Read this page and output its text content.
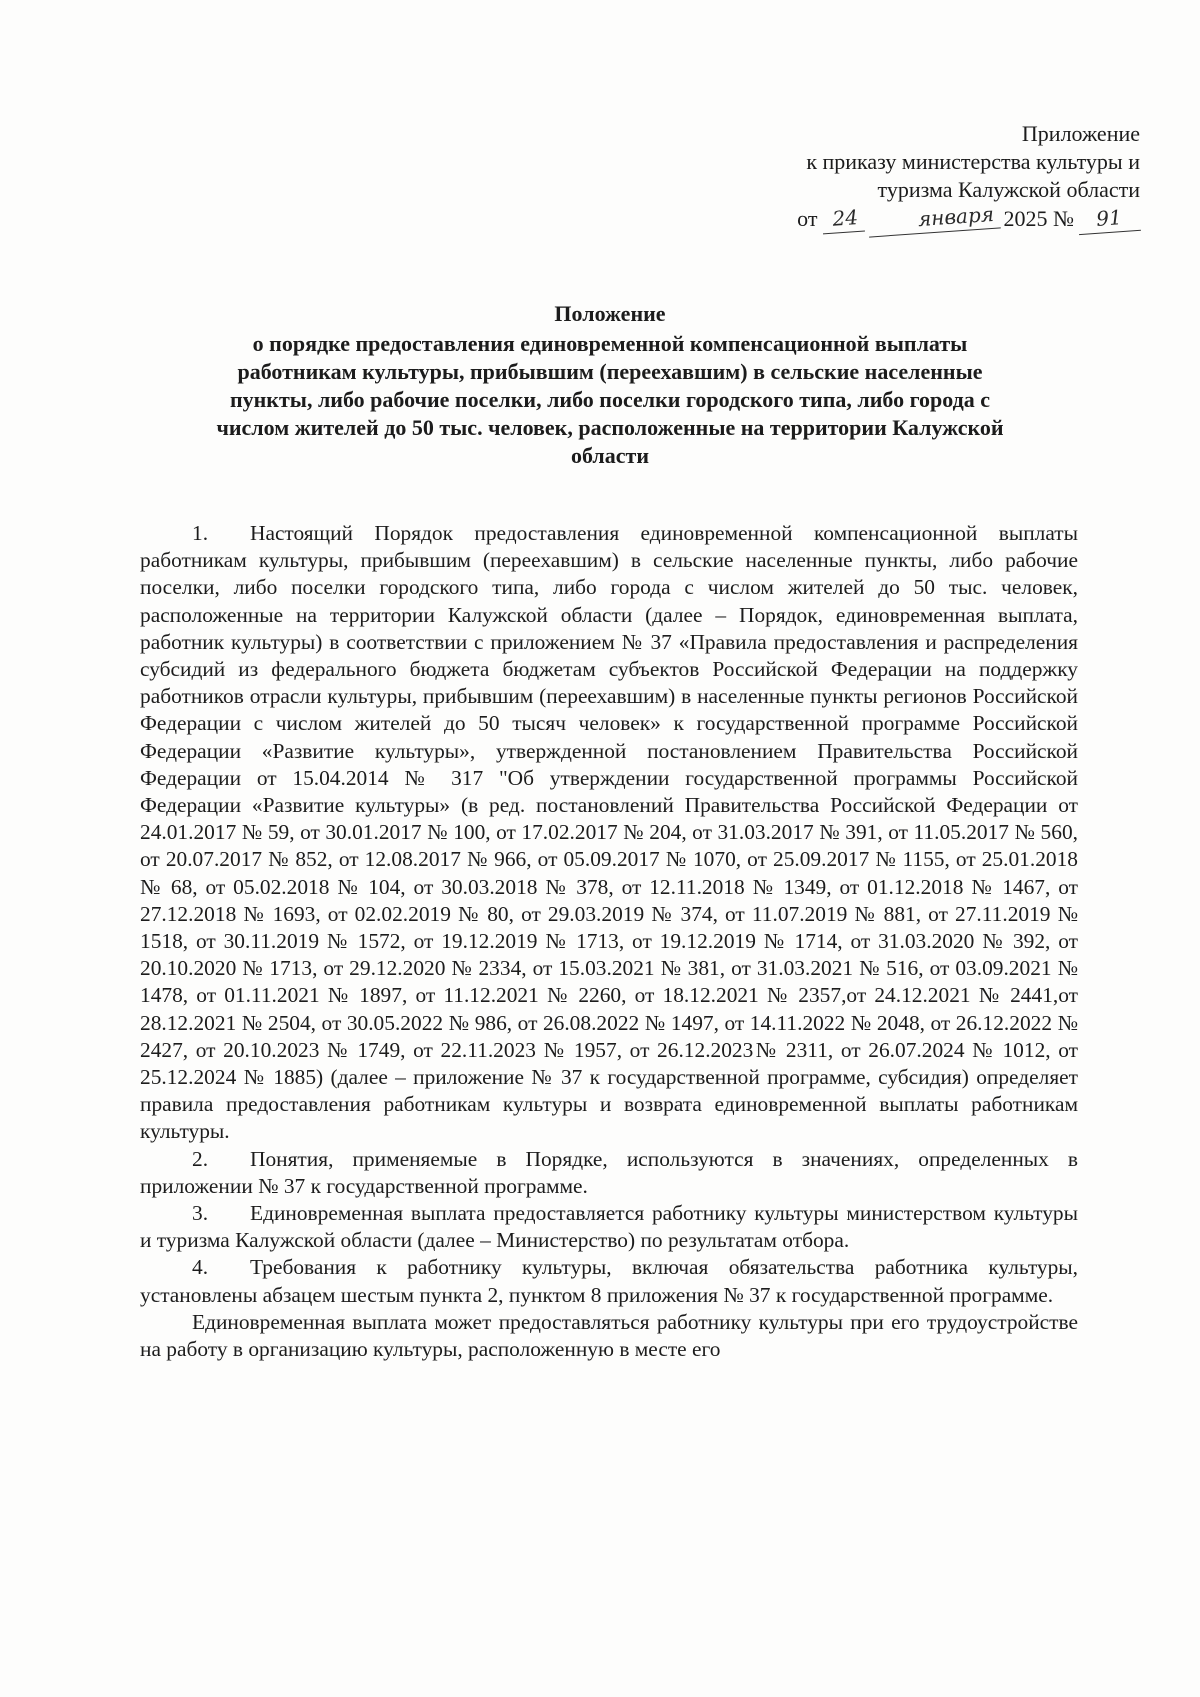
Приложение
к приказу министерства культуры и
туризма Калужской области
от 24	января 2025 №	91
Положение
о порядке предоставления единовременной компенсационной выплаты
работникам культуры, прибывшим (переехавшим) в сельские населенные
пункты, либо рабочие поселки, либо поселки городского типа, либо города с
числом жителей до 50 тыс. человек, расположенные на территории Калужской
области

1. Настоящий Порядок предоставления единовременной компенсационной выплаты работникам культуры, прибывшим (переехавшим) в сельские населенные пункты, либо рабочие поселки, либо поселки городского типа, либо города с числом жителей до 50 тыс. человек, расположенные на территории Калужской области (далее – Порядок, единовременная выплата, работник культуры) в соответствии с приложением № 37 «Правила предоставления и распределения субсидий из федерального бюджета бюджетам субъектов Российской Федерации на поддержку работников отрасли культуры, прибывшим (переехавшим) в населенные пункты регионов Российской Федерации с числом жителей до 50 тысяч человек» к государственной программе Российской Федерации «Развитие культуры», утвержденной постановлением Правительства Российской Федерации от 15.04.2014 № 317 "Об утверждении государственной программы Российской Федерации «Развитие культуры» (в ред. постановлений Правительства Российской Федерации от 24.01.2017 № 59, от 30.01.2017 № 100, от 17.02.2017 № 204, от 31.03.2017 № 391, от 11.05.2017 № 560, от 20.07.2017 № 852, от 12.08.2017 № 966, от 05.09.2017 № 1070, от 25.09.2017 № 1155, от 25.01.2018 № 68, от 05.02.2018 № 104, от 30.03.2018 № 378, от 12.11.2018 № 1349, от 01.12.2018 № 1467, от 27.12.2018 № 1693, от 02.02.2019 № 80, от 29.03.2019 № 374, от 11.07.2019 № 881, от 27.11.2019 № 1518, от 30.11.2019 № 1572, от 19.12.2019 № 1713, от 19.12.2019 № 1714, от 31.03.2020 № 392, от 20.10.2020 № 1713, от 29.12.2020 № 2334, от 15.03.2021 № 381, от 31.03.2021 № 516, от 03.09.2021 № 1478, от 01.11.2021 № 1897, от 11.12.2021 № 2260, от 18.12.2021 № 2357,от 24.12.2021 № 2441,от 28.12.2021 № 2504, от 30.05.2022 № 986, от 26.08.2022 № 1497, от 14.11.2022 № 2048, от 26.12.2022 № 2427, от 20.10.2023 № 1749, от 22.11.2023 № 1957, от 26.12.2023№ 2311, от 26.07.2024 № 1012, от 25.12.2024 № 1885) (далее – приложение № 37 к государственной программе, субсидия) определяет правила предоставления работникам культуры и возврата единовременной выплаты работникам культуры.

2. Понятия, применяемые в Порядке, используются в значениях, определенных в приложении № 37 к государственной программе.

3. Единовременная выплата предоставляется работнику культуры министерством культуры и туризма Калужской области (далее – Министерство) по результатам отбора.

4. Требования к работнику культуры, включая обязательства работника культуры, установлены абзацем шестым пункта 2, пунктом 8 приложения № 37 к государственной программе.

Единовременная выплата может предоставляться работнику культуры при его трудоустройстве на работу в организацию культуры, расположенную в месте его
